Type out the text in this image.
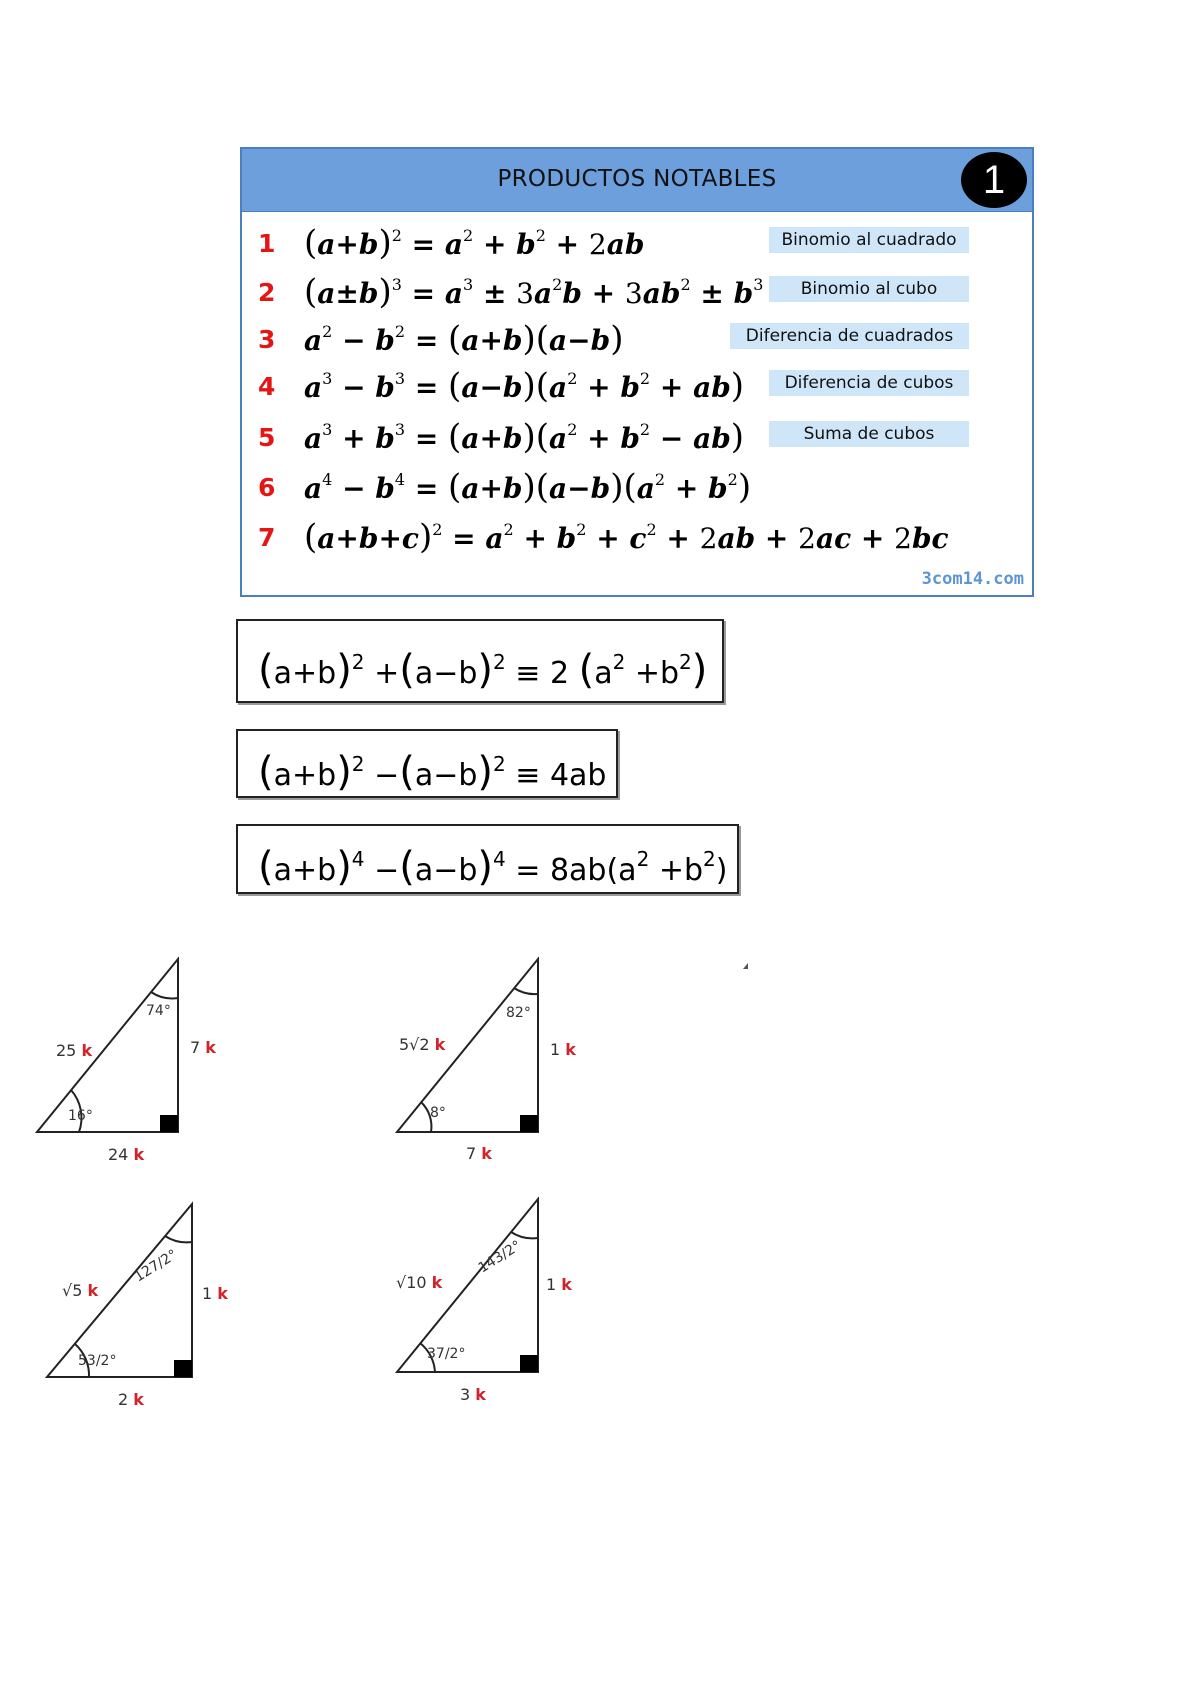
PRODUCTOS NOTABLES	1
1 $(a+b)^2 = a^2 + b^2 + 2ab$	Binomio al cuadrado
2 $(a\pm b)^3 = a^3 \pm 3a^2b + 3ab^2 \pm b^3$	Binomio al cubo
3 $a^2 - b^2 = (a+b)(a-b)$	Diferencia de cuadrados
4 $a^3 - b^3 = (a-b)(a^2 + b^2 + ab)$	Diferencia de cubos
5 $a^3 + b^3 = (a+b)(a^2 + b^2 - ab)$	Suma de cubos
6 $a^4 - b^4 = (a+b)(a-b)(a^2 + b^2)$
7 $(a+b+c)^2 = a^2 + b^2 + c^2 + 2ab + 2ac + 2bc$
3com14.com
$(a+b)^2 +(a-b)^2 \equiv 2$ $(a^2 +b^2)$
$(a+b)^2 -(a-b)^2 \equiv 4ab$
$(a+b)^4 -(a-b)^4 = 8ab(a^2 +b^2)$
25 k	7 k
24 k
74°
16°
5√2 k	1 k
7 k
82°
8°
√5 k	1 k
2 k
127/2°
53/2°
√10 k	1 k
3 k
143/2°
37/2°
